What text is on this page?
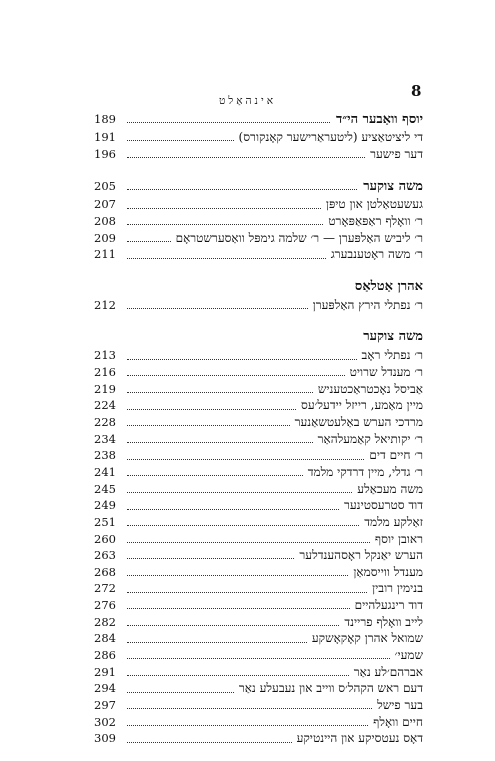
8
אינהאַלט
189	יוסף וואַבער הי״ד
191	די ליציטאַציע (ליטעראַרישער קאָנקורס)
196	דער פישער
205	משה צוקער
207	געשעטאַלטן און טיפּן
208	ר׳ וואָלף ראַפּאַפּאָרט
209	ר׳ ליביש האַלפּערן — ר׳ שלמה גימפּל וואַסערשטראָם
211	ר׳ משה ראָטענבערג
אהרן אַטלאַס
212	ר׳ נפתלי הירץ האַלפּערן
משה צוקער
213	ר׳ נפתלי ראָב
216	ר׳ מענדל שרויט
219	אַביסל נאָכטראַכטעניש
224	מיין מאַמע, רייזל יידעל׳עס
228	מרדכי הערש באַלעטשאַנער
234	ר׳ יקותיאל קאַמעלהאַר
238	ר׳ חיים דים
241	ר׳ גדלי, מיין דרדקי מלמד
245	משה מעכאַלע
249	דוד סטרעסטינער
251	זאַלקע מלמד
260	ראובן יוסף
263	הערש יאַנקל ראָסהענדלער
268	מענדל ווייסמאַן
272	בנימין רובין
276	דוד רינגעלהיים
282	לייב וואָלף פריינד
284	שמואל אהרן קאָקאָשקע
286	שמעי׳
291	אברהם׳לע נאַר
294	דעם ראש הקהל׳ס ווייב און נעבעלע נאַר
297	בער פישל
302	חיים וואָלף
309	דאָס נעטסיקע און היינטיקע
